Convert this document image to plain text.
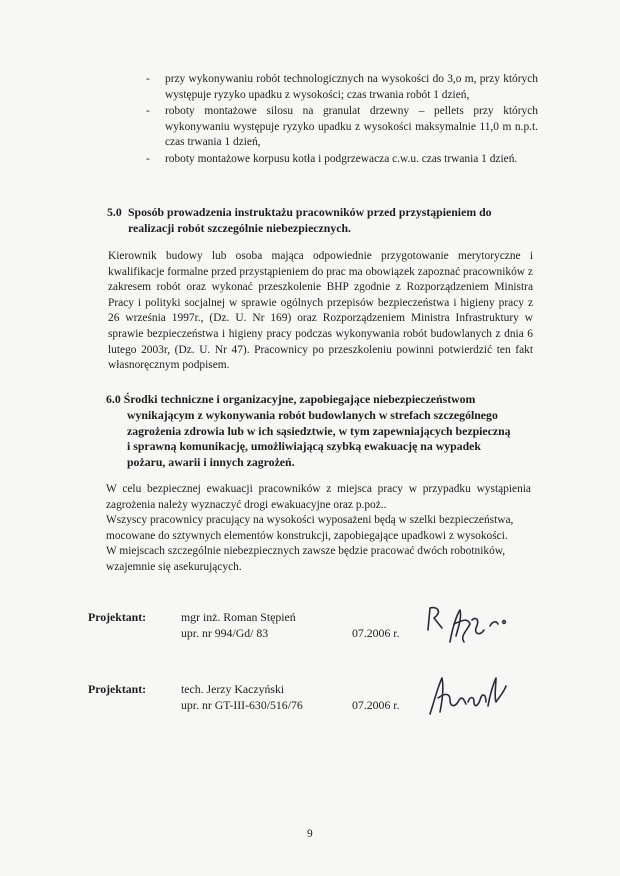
- przy wykonywaniu robót technologicznych na wysokości do 3,o m, przy których występuje ryzyko upadku z wysokości; czas trwania robót 1 dzień,
- roboty montażowe silosu na granulat drzewny – pellets przy których wykonywaniu występuje ryzyko upadku z wysokości maksymalnie 11,0 m n.p.t. czas trwania 1 dzień,
- roboty montażowe korpusu kotła i podgrzewacza c.w.u. czas trwania 1 dzień.
5.0 Sposób prowadzenia instruktażu pracowników przed przystąpieniem do
realizacji robót szczególnie niebezpiecznych.
Kierownik budowy lub osoba mająca odpowiednie przygotowanie merytoryczne i kwalifikacje formalne przed przystąpieniem do prac ma obowiązek zapoznać pracowników z zakresem robót oraz wykonać przeszkolenie BHP zgodnie z Rozporządzeniem Ministra Pracy i polityki socjalnej w sprawie ogólnych przepisów bezpieczeństwa i higieny pracy z 26 września 1997r., (Dz. U. Nr 169) oraz Rozporządzeniem Ministra Infrastruktury w sprawie bezpieczeństwa i higieny pracy podczas wykonywania robót budowlanych z dnia 6 lutego 2003r, (Dz. U. Nr 47). Pracownicy po przeszkoleniu powinni potwierdzić ten fakt własnoręcznym podpisem.
6.0 Środki techniczne i organizacyjne, zapobiegające niebezpieczeństwom
wynikającym z wykonywania robót budowlanych w strefach szczególnego
zagrożenia zdrowia lub w ich sąsiedztwie, w tym zapewniających bezpieczną
i sprawną komunikację, umożliwiającą szybką ewakuację na wypadek
pożaru, awarii i innych zagrożeń.
W celu bezpiecznej ewakuacji pracowników z miejsca pracy w przypadku wystąpienia zagrożenia należy wyznaczyć drogi ewakuacyjne oraz p.poż..
Wszyscy pracownicy pracujący na wysokości wyposażeni będą w szelki bezpieczeństwa, mocowane do sztywnych elementów konstrukcji, zapobiegające upadkowi z wysokości.
W miejscach szczególnie niebezpiecznych zawsze będzie pracować dwóch robotników, wzajemnie się asekurujących.
Projektant:	mgr inż. Roman Stępień
upr. nr 994/Gd/ 83	07.2006 r.
Projektant:	tech. Jerzy Kaczyński
upr. nr GT-III-630/516/76	07.2006 r.
9
